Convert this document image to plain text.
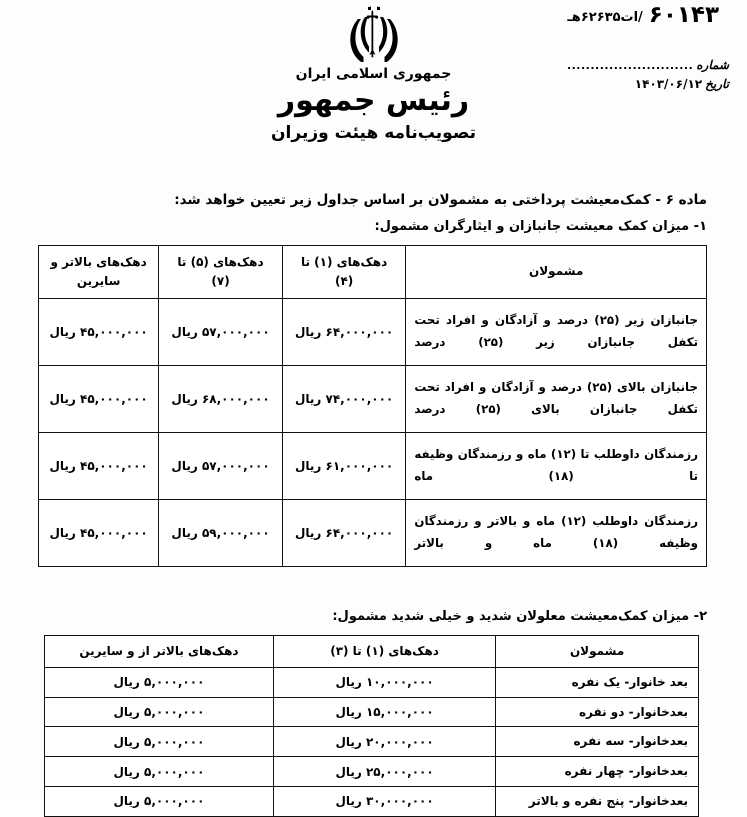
۶۰۱۴۳
/ات۶۲۶۳۵هـ
شماره
...........................
تاریخ
۱۴۰۳/۰۶/۱۲
جمهوری اسلامی ایران
رئیس جمهور
تصویب‌نامه هیئت وزیران

ماده ۶ - کمک‌معیشت پرداختی به مشمولان بر اساس جداول زیر تعیین خواهد شد:

۱- میزان کمک معیشت جانبازان و ایثارگران مشمول:

مشمولان	دهک‌های (۱) تا (۴)	دهک‌های (۵) تا (۷)	دهک‌های بالاتر و سایرین
جانبازان زیر (۲۵) درصد و آزادگان و افراد تحت تکفل جانبازان زیر (۲۵) درصد	۶۴,۰۰۰,۰۰۰ ریال	۵۷,۰۰۰,۰۰۰ ریال	۴۵,۰۰۰,۰۰۰ ریال
جانبازان بالای (۲۵) درصد و آزادگان و افراد تحت تکفل جانبازان بالای (۲۵) درصد	۷۴,۰۰۰,۰۰۰ ریال	۶۸,۰۰۰,۰۰۰ ریال	۴۵,۰۰۰,۰۰۰ ریال
رزمندگان داوطلب تا (۱۲) ماه و رزمندگان وظیفه تا (۱۸) ماه	۶۱,۰۰۰,۰۰۰ ریال	۵۷,۰۰۰,۰۰۰ ریال	۴۵,۰۰۰,۰۰۰ ریال
رزمندگان داوطلب (۱۲) ماه و بالاتر و رزمندگان وظیفه (۱۸) ماه و بالاتر	۶۴,۰۰۰,۰۰۰ ریال	۵۹,۰۰۰,۰۰۰ ریال	۴۵,۰۰۰,۰۰۰ ریال

۲- میزان کمک‌معیشت معلولان شدید و خیلی شدید مشمول:

مشمولان	دهک‌های (۱) تا (۳)	دهک‌های بالاتر از و سایرین
بعد خانوار- یک نفره	۱۰,۰۰۰,۰۰۰ ریال	۵,۰۰۰,۰۰۰ ریال
بعدخانوار- دو نفره	۱۵,۰۰۰,۰۰۰ ریال	۵,۰۰۰,۰۰۰ ریال
بعدخانوار- سه نفره	۲۰,۰۰۰,۰۰۰ ریال	۵,۰۰۰,۰۰۰ ریال
بعدخانوار- چهار نفره	۲۵,۰۰۰,۰۰۰ ریال	۵,۰۰۰,۰۰۰ ریال
بعدخانوار- پنج نفره و بالاتر	۳۰,۰۰۰,۰۰۰ ریال	۵,۰۰۰,۰۰۰ ریال
